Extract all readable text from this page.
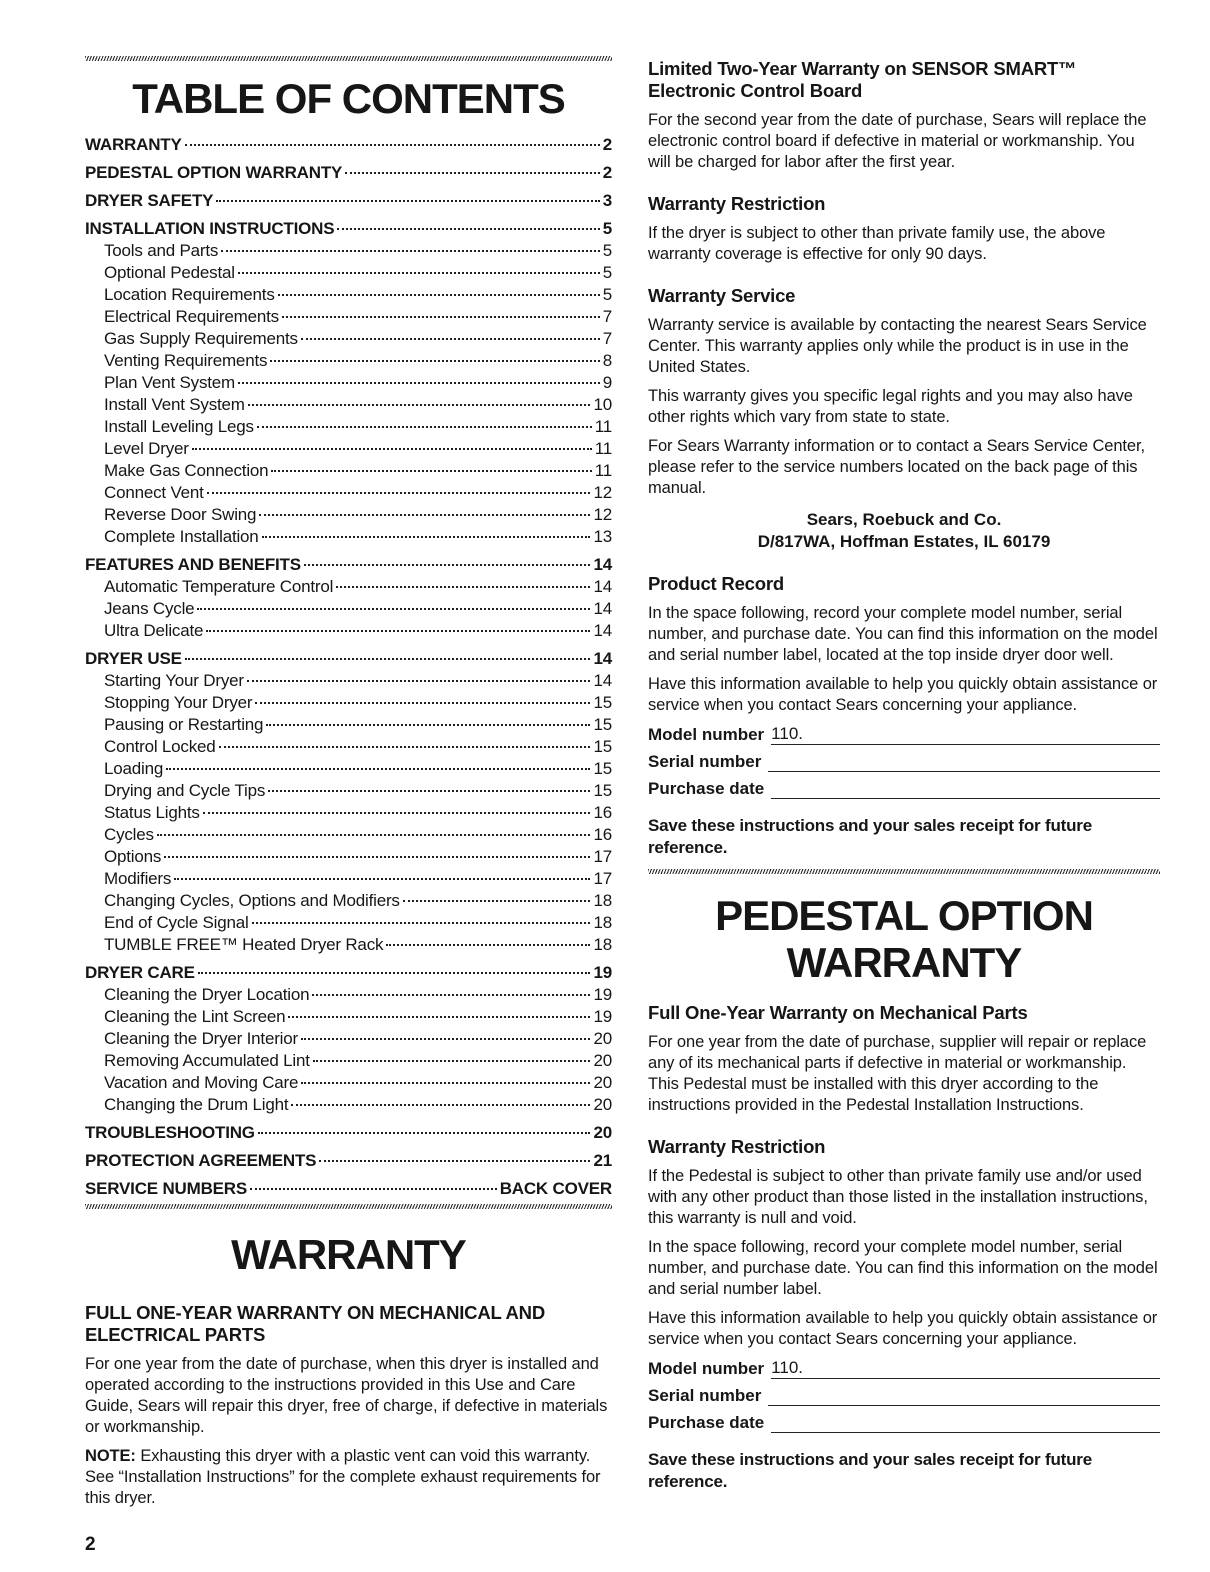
TABLE OF CONTENTS
WARRANTY	2
PEDESTAL OPTION WARRANTY	2
DRYER SAFETY	3
INSTALLATION INSTRUCTIONS	5
Tools and Parts	5
Optional Pedestal	5
Location Requirements	5
Electrical Requirements	7
Gas Supply Requirements	7
Venting Requirements	8
Plan Vent System	9
Install Vent System	10
Install Leveling Legs	11
Level Dryer	11
Make Gas Connection	11
Connect Vent	12
Reverse Door Swing	12
Complete Installation	13
FEATURES AND BENEFITS	14
Automatic Temperature Control	14
Jeans Cycle	14
Ultra Delicate	14
DRYER USE	14
Starting Your Dryer	14
Stopping Your Dryer	15
Pausing or Restarting	15
Control Locked	15
Loading	15
Drying and Cycle Tips	15
Status Lights	16
Cycles	16
Options	17
Modifiers	17
Changing Cycles, Options and Modifiers	18
End of Cycle Signal	18
TUMBLE FREE™ Heated Dryer Rack	18
DRYER CARE	19
Cleaning the Dryer Location	19
Cleaning the Lint Screen	19
Cleaning the Dryer Interior	20
Removing Accumulated Lint	20
Vacation and Moving Care	20
Changing the Drum Light	20
TROUBLESHOOTING	20
PROTECTION AGREEMENTS	21
SERVICE NUMBERS	BACK COVER
WARRANTY
FULL ONE-YEAR WARRANTY ON MECHANICAL AND ELECTRICAL PARTS

For one year from the date of purchase, when this dryer is installed and operated according to the instructions provided in this Use and Care Guide, Sears will repair this dryer, free of charge, if defective in materials or workmanship.

NOTE: Exhausting this dryer with a plastic vent can void this warranty. See “Installation Instructions” for the complete exhaust requirements for this dryer.

Limited Two-Year Warranty on SENSOR SMART™ Electronic Control Board

For the second year from the date of purchase, Sears will replace the electronic control board if defective in material or workmanship. You will be charged for labor after the first year.

Warranty Restriction

If the dryer is subject to other than private family use, the above warranty coverage is effective for only 90 days.

Warranty Service

Warranty service is available by contacting the nearest Sears Service Center. This warranty applies only while the product is in use in the United States.

This warranty gives you specific legal rights and you may also have other rights which vary from state to state.

For Sears Warranty information or to contact a Sears Service Center, please refer to the service numbers located on the back page of this manual.

Sears, Roebuck and Co.
D/817WA, Hoffman Estates, IL 60179
Product Record

In the space following, record your complete model number, serial number, and purchase date. You can find this information on the model and serial number label, located at the top inside dryer door well.

Have this information available to help you quickly obtain assistance or service when you contact Sears concerning your appliance.

Model number 110.
Serial number
Purchase date

Save these instructions and your sales receipt for future reference.

PEDESTAL OPTION WARRANTY
Full One-Year Warranty on Mechanical Parts

For one year from the date of purchase, supplier will repair or replace any of its mechanical parts if defective in material or workmanship. This Pedestal must be installed with this dryer according to the instructions provided in the Pedestal Installation Instructions.

Warranty Restriction

If the Pedestal is subject to other than private family use and/or used with any other product than those listed in the installation instructions, this warranty is null and void.

In the space following, record your complete model number, serial number, and purchase date. You can find this information on the model and serial number label.

Have this information available to help you quickly obtain assistance or service when you contact Sears concerning your appliance.

Model number 110.
Serial number
Purchase date

Save these instructions and your sales receipt for future reference.

2
